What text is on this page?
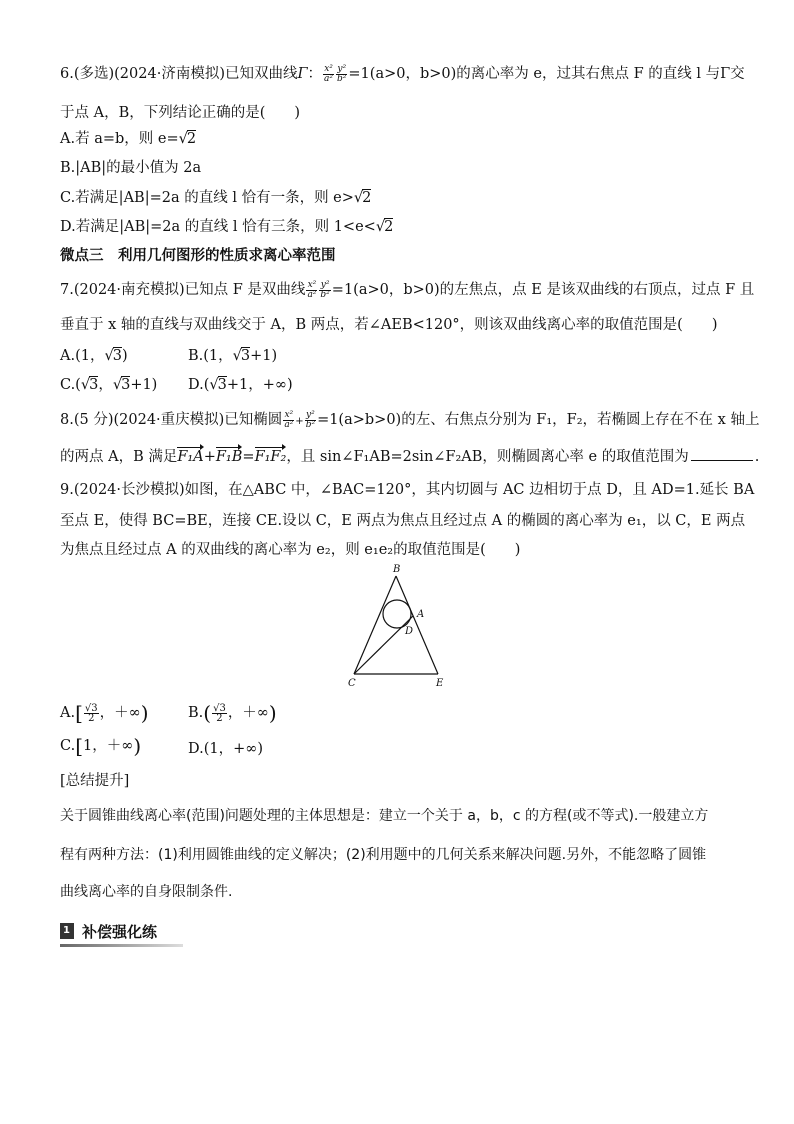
6.(多选)(2024·济南模拟)已知双曲线Γ： $\frac{\text{x²}}{\text{a²}} \frac{\text{y²}}{\text{b²}} =1(a>0$，b>0)的离心率为 e，过其右焦点 F 的直线 l 与Γ交
于点 A，B，下列结论正确的是(　　)
A.若 a=b，则 e=√2
B.|AB|的最小值为 2a
C.若满足|AB|=2a 的直线 l 恰有一条，则 e>√2
D.若满足|AB|=2a 的直线 l 恰有三条，则 1<e<√2
微点三　利用几何图形的性质求离心率范围
7.(2024·南充模拟)已知点 F 是双曲线 $\frac{\text{x²}}{\text{a²}} \frac{\text{y²}}{\text{b²}} =1(a>0$，b>0)的左焦点，点 E 是该双曲线的右顶点，过点 F 且
垂直于 x 轴的直线与双曲线交于 A，B 两点，若∠AEB<120°，则该双曲线离心率的取值范围是(　　)
A.(1，√3)	B.(1，√3+1)
C.(√3，√3+1) D.(√3+1，+∞)
8.(5 分)(2024·重庆模拟)已知椭圆 $\frac{\text{x²}}{\text{a²}} + \frac{\text{y²}}{\text{b²}} =1(a>b>0)$的左、右焦点分别为 F₁，F₂，若椭圆上存在不在 x 轴上
的两点 A，B 满足F₁A+F₁B=F₁F₂，且 sin∠F₁AB=2sin∠F₂AB，则椭圆离心率 e 的取值范围为	.
9.(2024·长沙模拟)如图，在△ABC 中，∠BAC=120°，其内切圆与 AC 边相切于点 D，且 AD=1.延长 BA
至点 E，使得 BC=BE，连接 CE.设以 C，E 两点为焦点且经过点 A 的椭圆的离心率为 e₁，以 C，E 两点
为焦点且经过点 A 的双曲线的离心率为 e₂，则 e₁e₂的取值范围是(　　)
B
A
D
C	E
$A.[ \frac{√3}{2}$ ，＋∞)	$B.( \frac{√3}{2}$ ，＋∞)
C.[1，＋∞)	D.(1，+∞)
[总结提升]
关于圆锥曲线离心率(范围)问题处理的主体思想是：建立一个关于 a，b，c 的方程(或不等式).一般建立方
程有两种方法：(1)利用圆锥曲线的定义解决；(2)利用题中的几何关系来解决问题.另外，不能忽略了圆锥
曲线离心率的自身限制条件.
1 补偿强化练
